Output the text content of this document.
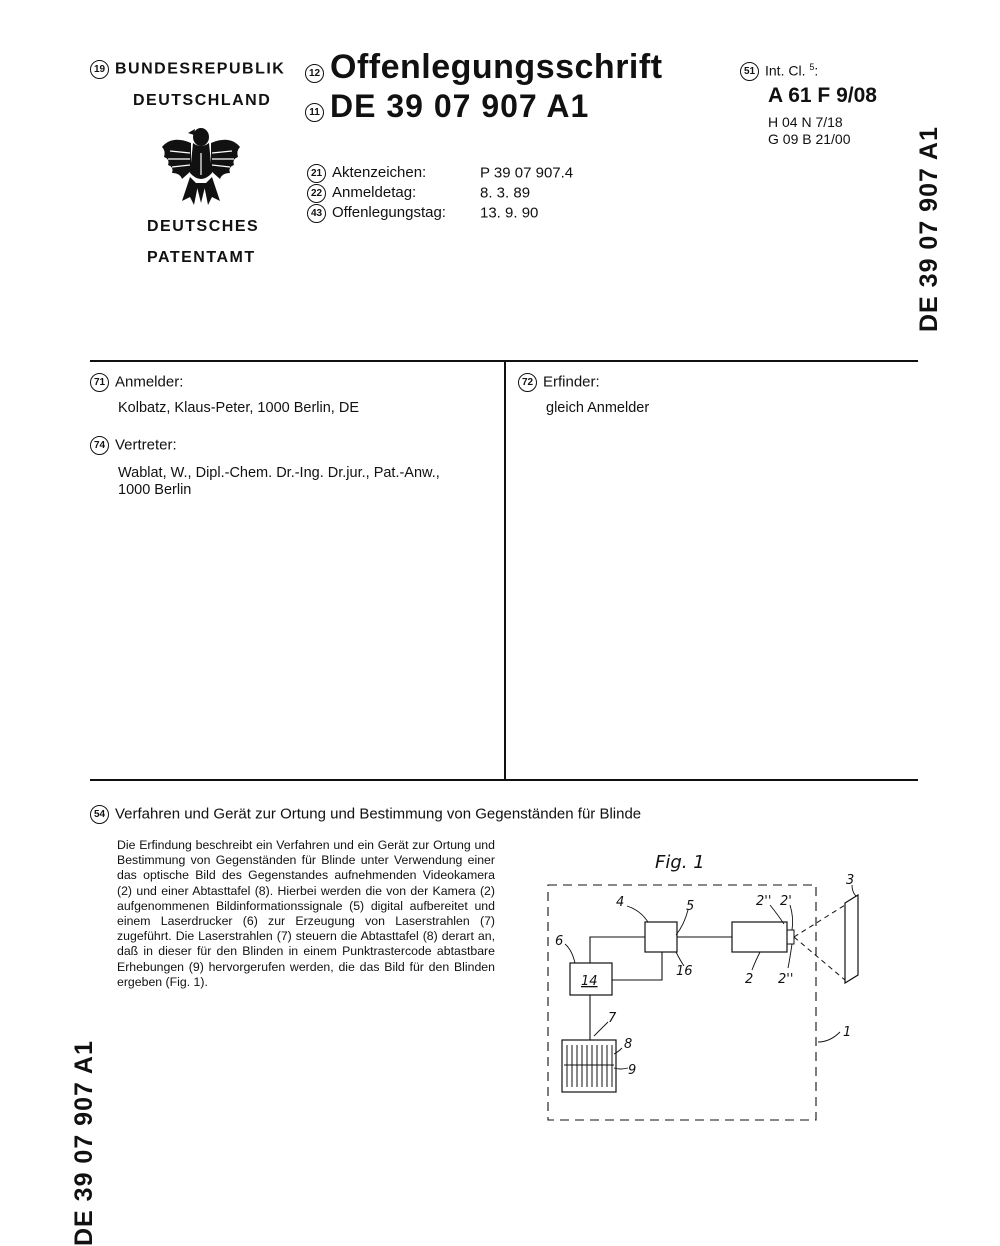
19 BUNDESREPUBLIK
DEUTSCHLAND
DEUTSCHES
PATENTAMT
12 Offenlegungsschrift
11 DE 39 07 907 A1
21 Aktenzeichen:	P 39 07 907.4
22 Anmeldetag:	8. 3. 89
43 Offenlegungstag: 13. 9. 90
51 Int. Cl. $^5$:
A 61 F 9/08
H 04 N 7/18
G 09 B 21/00	DE 39 07 907 A1
DE 39 07 907 A1
71 Anmelder:
Kolbatz, Klaus-Peter, 1000 Berlin, DE
74 Vertreter:
Wablat, W., Dipl.-Chem. Dr.-Ing. Dr.jur., Pat.-Anw.,
1000 Berlin
72 Erfinder:
gleich Anmelder
54 Verfahren und Gerät zur Ortung und Bestimmung von Gegenständen für Blinde
Die Erfindung beschreibt ein Verfahren und ein Gerät zur Ortung und Bestimmung von Gegenständen für Blinde unter Verwendung einer das optische Bild des Gegenstandes aufnehmenden Videokamera (2) und einer Abtasttafel (8). Hierbei werden die von der Kamera (2) aufgenommenen Bildinformationssignale (5) digital aufbereitet und einem Laserdrucker (6) zur Erzeugung von Laserstrahlen (7) zugeführt. Die Laserstrahlen (7) steuern die Abtasttafel (8) derart an, daß in dieser für den Blinden in einem Punktrastercode abtastbare Erhebungen (9) hervorgerufen werden, die das Bild für den Blinden ergeben (Fig. 1).
Fig. 1
4	5	2'' 2'
3
6
14
16
2 2''
7
8
9
1
